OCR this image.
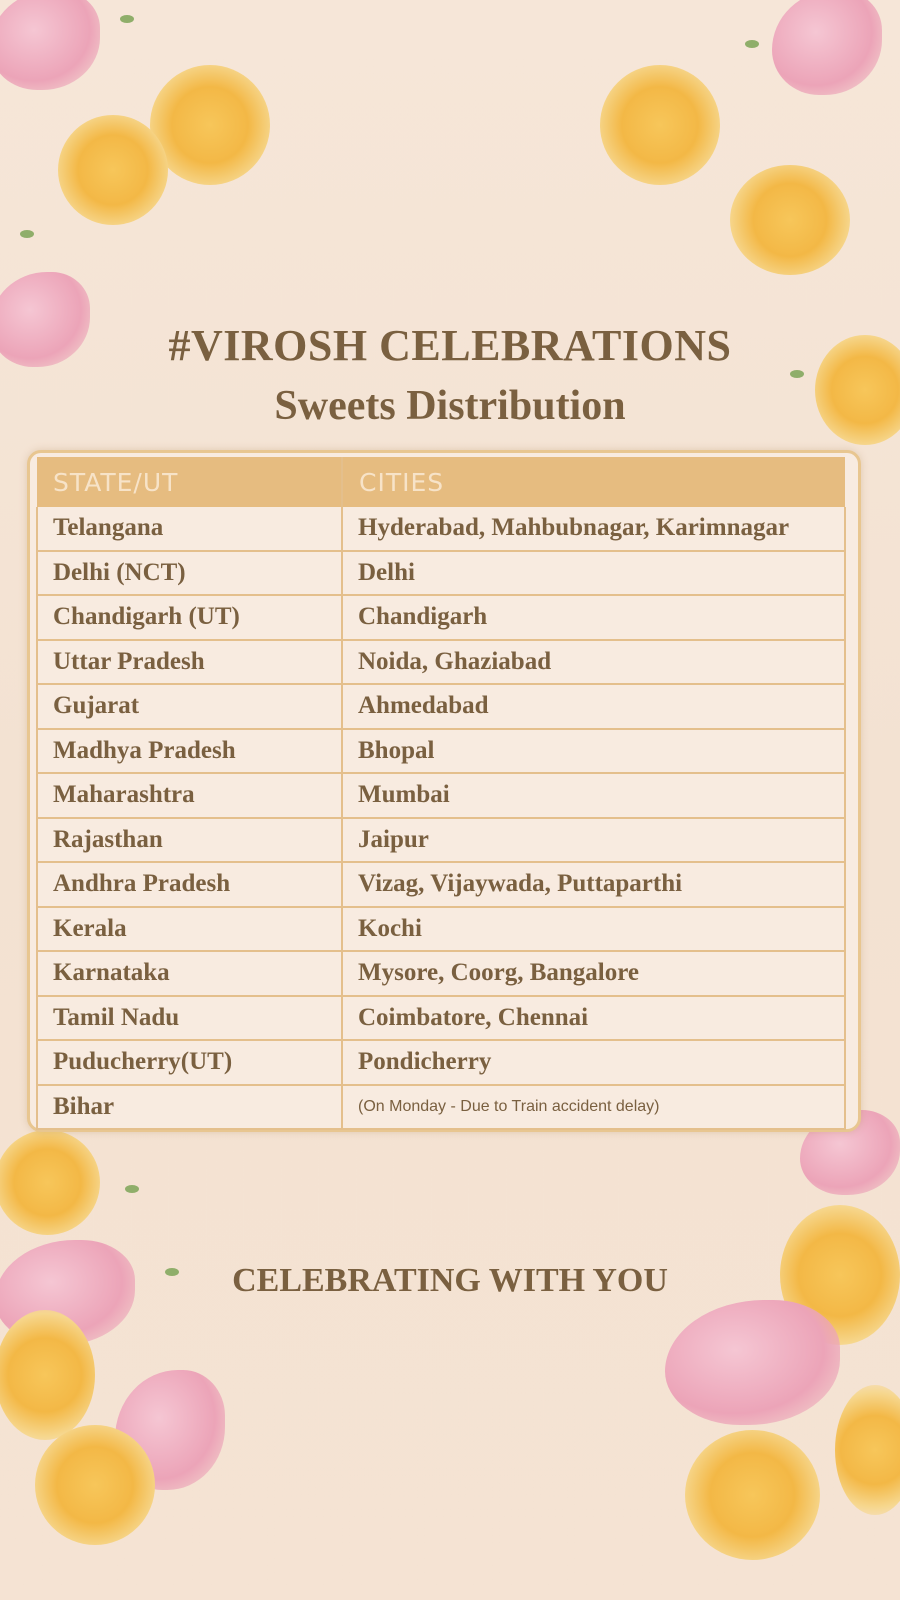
#VIROSH CELEBRATIONS
Sweets Distribution
STATE/UT	CITIES
Telangana	Hyderabad, Mahbubnagar, Karimnagar
Delhi (NCT)	Delhi
Chandigarh (UT)	Chandigarh
Uttar Pradesh	Noida, Ghaziabad
Gujarat	Ahmedabad
Madhya Pradesh	Bhopal
Maharashtra	Mumbai
Rajasthan	Jaipur
Andhra Pradesh	Vizag, Vijaywada, Puttaparthi
Kerala	Kochi
Karnataka	Mysore, Coorg, Bangalore
Tamil Nadu	Coimbatore, Chennai
Puducherry(UT)	Pondicherry
Bihar	(On Monday - Due to Train accident delay)
CELEBRATING WITH YOU
